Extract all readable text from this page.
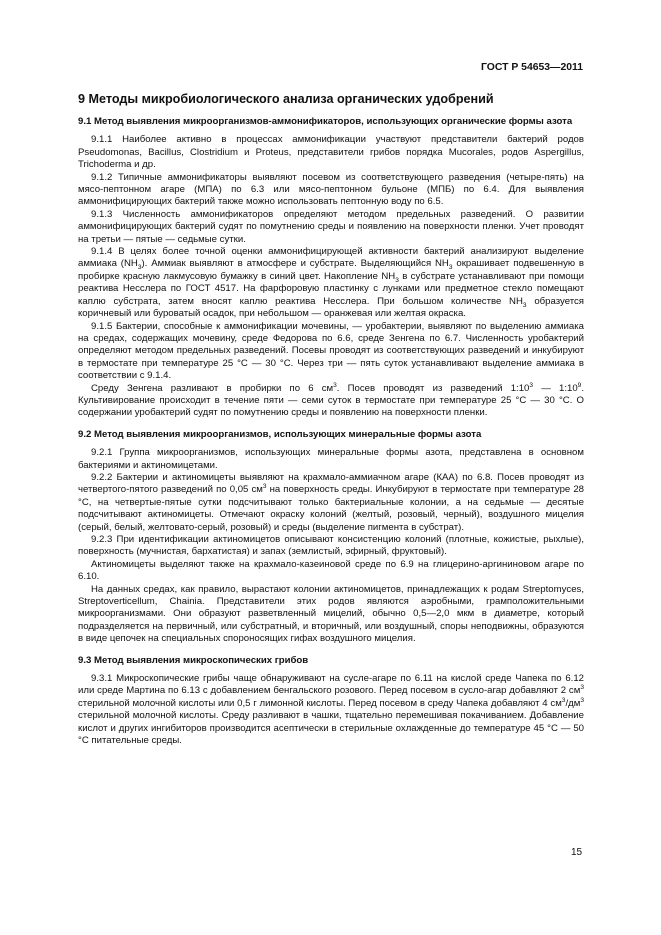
ГОСТ Р 54653—2011
9 Методы микробиологического анализа органических удобрений
9.1 Метод выявления микроорганизмов-аммонификаторов, использующих органические формы азота

9.1.1 Наиболее активно в процессах аммонификации участвуют представители бактерий родов Pseudomonas, Bacillus, Clostridium и Proteus, представители грибов порядка Mucorales, родов Aspergillus, Trichoderma и др.

9.1.2 Типичные аммонификаторы выявляют посевом из соответствующего разведения (четыре-пять) на мясо-пептонном агаре (МПА) по 6.3 или мясо-пептонном бульоне (МПБ) по 6.4. Для выявления аммонифицирующих бактерий также можно использовать пептонную воду по 6.5.

9.1.3 Численность аммонификаторов определяют методом предельных разведений. О развитии аммонифицирующих бактерий судят по помутнению среды и появлению на поверхности пленки. Учет проводят на третьи — пятые — седьмые сутки.

9.1.4 В целях более точной оценки аммонифицирующей активности бактерий анализируют выделение аммиака $(NH_3)$. Аммиак выявляют в атмосфере и субстрате. Выделяющийся $NH_3$ окрашивает подвешенную в пробирке красную лакмусовую бумажку в синий цвет. Накопление $NH_3$ в субстрате устанавливают при помощи реактива Несслера по ГОСТ 4517. На фарфоровую пластинку с лунками или предметное стекло помещают каплю субстрата, затем вносят каплю реактива Несслера. При большом количестве $NH_3$ образуется коричневый или буроватый осадок, при небольшом — оранжевая или желтая окраска.

9.1.5 Бактерии, способные к аммонификации мочевины, — уробактерии, выявляют по выделению аммиака на средах, содержащих мочевину, среде Федорова по 6.6, среде Зенгена по 6.7. Численность уробактерий определяют методом предельных разведений. Посевы проводят из соответствующих разведений и инкубируют в термостате при температуре 25 °С — 30 °С. Через три — пять суток устанавливают выделение аммиака в соответствии с 9.1.4.

Среду Зенгена разливают в пробирки по 6 $см^3$. Посев проводят из разведений $1:10^3$ — $1:10^9$. Культивирование происходит в течение пяти — семи суток в термостате при температуре 25 °С — 30 °С. О содержании уробактерий судят по помутнению среды и появлению на поверхности пленки.

9.2 Метод выявления микроорганизмов, использующих минеральные формы азота

9.2.1 Группа микроорганизмов, использующих минеральные формы азота, представлена в основном бактериями и актиномицетами.

9.2.2 Бактерии и актиномицеты выявляют на крахмало-аммиачном агаре (КАА) по 6.8. Посев проводят из четвертого-пятого разведений по 0,05 $см^3$ на поверхность среды. Инкубируют в термостате при температуре 28 °С, на четвертые-пятые сутки подсчитывают только бактериальные колонии, а на седьмые — десятые подсчитывают актиномицеты. Отмечают окраску колоний (желтый, розовый, черный), воздушного мицелия (серый, белый, желтовато-серый, розовый) и среды (выделение пигмента в субстрат).

9.2.3 При идентификации актиномицетов описывают консистенцию колоний (плотные, кожистые, рыхлые), поверхность (мучнистая, бархатистая) и запах (землистый, эфирный, фруктовый).

Актиномицеты выделяют также на крахмало-казеиновой среде по 6.9 на глицерино-аргининовом агаре по 6.10.

На данных средах, как правило, вырастают колонии актиномицетов, принадлежащих к родам Streptomyces, Streptoverticellum, Chainia. Представители этих родов являются аэробными, грамположительными микроорганизмами. Они образуют разветвленный мицелий, обычно 0,5—2,0 мкм в диаметре, который подразделяется на первичный, или субстратный, и вторичный, или воздушный, споры неподвижны, образуются в виде цепочек на специальных спороносящих гифах воздушного мицелия.

9.3 Метод выявления микроскопических грибов

9.3.1 Микроскопические грибы чаще обнаруживают на сусле-агаре по 6.11 на кислой среде Чапека по 6.12 или среде Мартина по 6.13 с добавлением бенгальского розового. Перед посевом в сусло-агар добавляют 2 $см^3$ стерильной молочной кислоты или 0,5 г лимонной кислоты. Перед посевом в среду Чапека добавляют 4 $см^3/дм^3$ стерильной молочной кислоты. Среду разливают в чашки, тщательно перемешивая покачиванием. Добавление кислот и других ингибиторов производится асептически в стерильные охлажденные до температуре 45 °С — 50 °С питательные среды.

15
